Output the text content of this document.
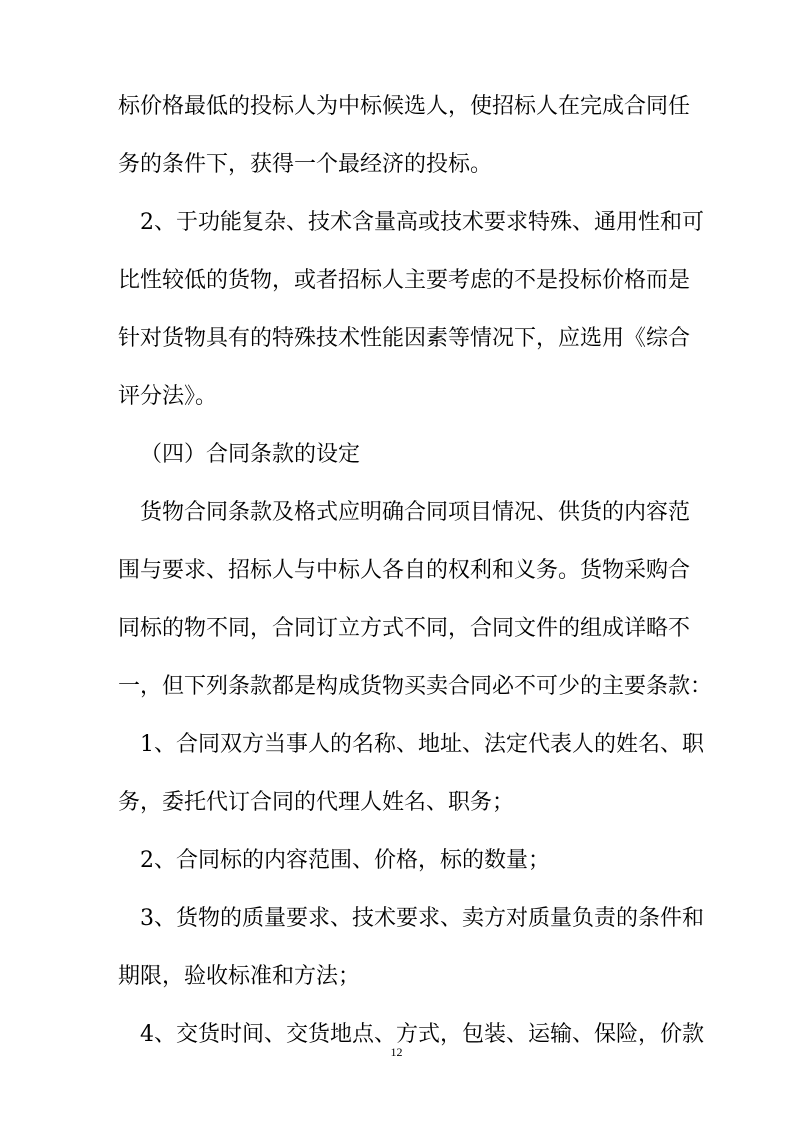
标价格最低的投标人为中标候选人，使招标人在完成合同任
务的条件下，获得一个最经济的投标。
2、于功能复杂、技术含量高或技术要求特殊、通用性和可
比性较低的货物，或者招标人主要考虑的不是投标价格而是
针对货物具有的特殊技术性能因素等情况下，应选用《综合
评分法》。
（四）合同条款的设定
货物合同条款及格式应明确合同项目情况、供货的内容范
围与要求、招标人与中标人各自的权利和义务。货物采购合
同标的物不同，合同订立方式不同，合同文件的组成详略不
一，但下列条款都是构成货物买卖合同必不可少的主要条款：
1、合同双方当事人的名称、地址、法定代表人的姓名、职
务，委托代订合同的代理人姓名、职务；
2、合同标的内容范围、价格，标的数量；
3、货物的质量要求、技术要求、卖方对质量负责的条件和
期限，验收标准和方法；
4、交货时间、交货地点、方式，包装、运输、保险，价款
12
